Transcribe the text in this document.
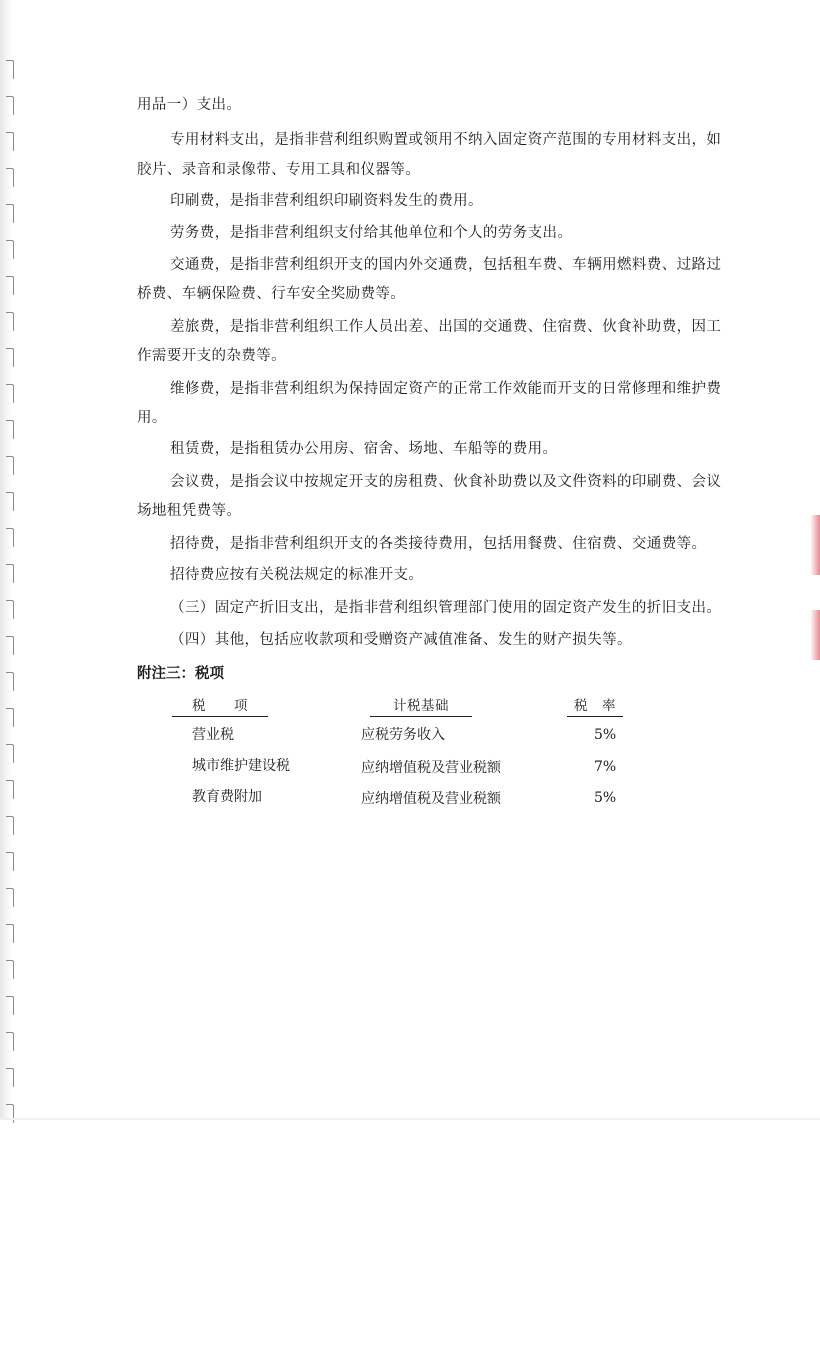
用品一）支出。
专用材料支出，是指非营利组织购置或领用不纳入固定资产范围的专用材料支出，如
胶片、录音和录像带、专用工具和仪器等。
印刷费，是指非营利组织印刷资料发生的费用。
劳务费，是指非营利组织支付给其他单位和个人的劳务支出。
交通费，是指非营利组织开支的国内外交通费，包括租车费、车辆用燃料费、过路过
桥费、车辆保险费、行车安全奖励费等。
差旅费，是指非营利组织工作人员出差、出国的交通费、住宿费、伙食补助费，因工
作需要开支的杂费等。
维修费，是指非营利组织为保持固定资产的正常工作效能而开支的日常修理和维护费
用。
租赁费，是指租赁办公用房、宿舍、场地、车船等的费用。
会议费，是指会议中按规定开支的房租费、伙食补助费以及文件资料的印刷费、会议
场地租凭费等。
招待费，是指非营利组织开支的各类接待费用，包括用餐费、住宿费、交通费等。
招待费应按有关税法规定的标准开支。
（三）固定产折旧支出，是指非营利组织管理部门使用的固定资产发生的折旧支出。
（四）其他，包括应收款项和受赠资产减值准备、发生的财产损失等。
附注三：税项
税　　项	计税基础	税　率
营业税	应税劳务收入	5%
城市维护建设税	应纳增值税及营业税额	7%
教育费附加	应纳增值税及营业税额	5%
